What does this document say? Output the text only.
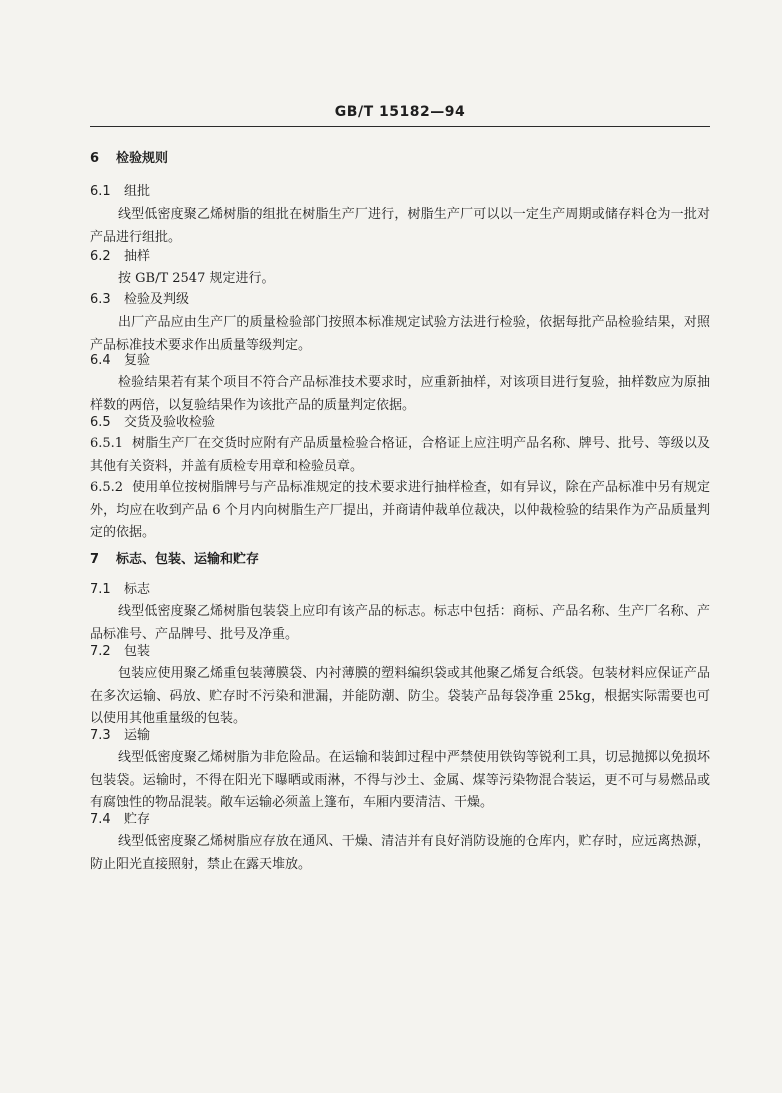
GB/T 15182—94
6 检验规则
6.1 组批
线型低密度聚乙烯树脂的组批在树脂生产厂进行，树脂生产厂可以以一定生产周期或储存料仓为一批对产品进行组批。
6.2 抽样
按 GB/T 2547 规定进行。
6.3 检验及判级
出厂产品应由生产厂的质量检验部门按照本标准规定试验方法进行检验，依据每批产品检验结果，对照产品标准技术要求作出质量等级判定。
6.4 复验
检验结果若有某个项目不符合产品标准技术要求时，应重新抽样，对该项目进行复验，抽样数应为原抽样数的两倍，以复验结果作为该批产品的质量判定依据。
6.5 交货及验收检验
6.5.1 树脂生产厂在交货时应附有产品质量检验合格证，合格证上应注明产品名称、牌号、批号、等级以及其他有关资料，并盖有质检专用章和检验员章。
6.5.2 使用单位按树脂牌号与产品标准规定的技术要求进行抽样检查，如有异议，除在产品标准中另有规定外，均应在收到产品 6 个月内向树脂生产厂提出，并商请仲裁单位裁决，以仲裁检验的结果作为产品质量判定的依据。
7 标志、包装、运输和贮存
7.1 标志
线型低密度聚乙烯树脂包装袋上应印有该产品的标志。标志中包括：商标、产品名称、生产厂名称、产品标准号、产品牌号、批号及净重。
7.2 包装
包装应使用聚乙烯重包装薄膜袋、内衬薄膜的塑料编织袋或其他聚乙烯复合纸袋。包装材料应保证产品在多次运输、码放、贮存时不污染和泄漏，并能防潮、防尘。袋装产品每袋净重 25kg，根据实际需要也可以使用其他重量级的包装。
7.3 运输
线型低密度聚乙烯树脂为非危险品。在运输和装卸过程中严禁使用铁钩等锐利工具，切忌抛掷以免损坏包装袋。运输时，不得在阳光下曝晒或雨淋，不得与沙土、金属、煤等污染物混合装运，更不可与易燃品或有腐蚀性的物品混装。敞车运输必须盖上篷布，车厢内要清洁、干燥。
7.4 贮存
线型低密度聚乙烯树脂应存放在通风、干燥、清洁并有良好消防设施的仓库内，贮存时，应远离热源，防止阳光直接照射，禁止在露天堆放。
